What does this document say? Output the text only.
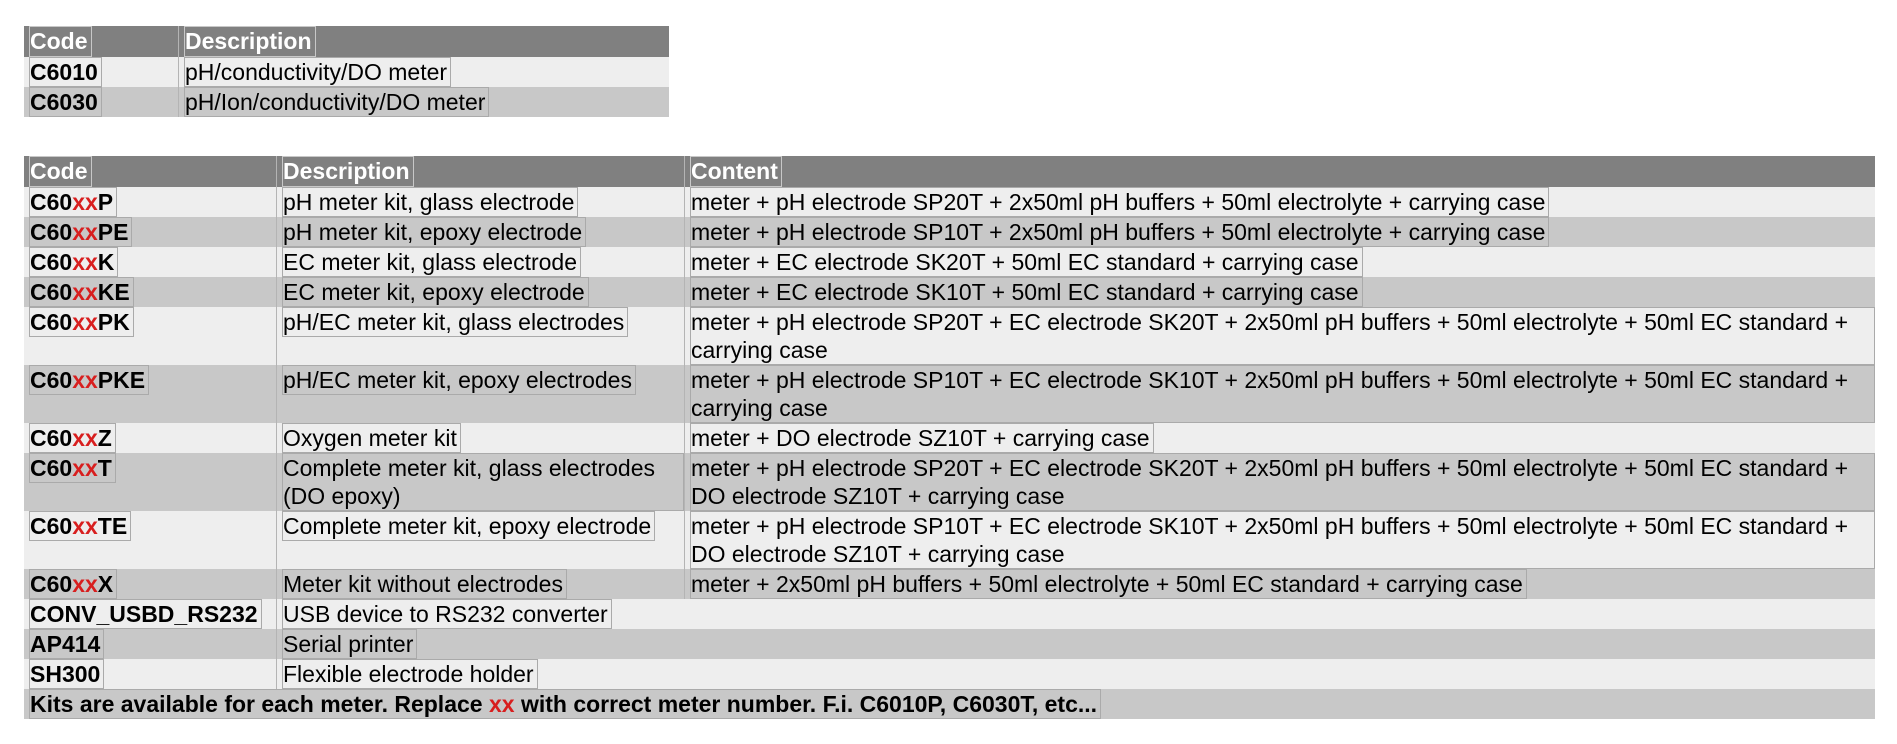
Code	Description
C6010	pH/conductivity/DO meter
C6030	pH/Ion/conductivity/DO meter
Code	Description	Content
C60xxP	pH meter kit, glass electrode	meter + pH electrode SP20T + 2x50ml pH buffers + 50ml electrolyte + carrying case
C60xxPE	pH meter kit, epoxy electrode	meter + pH electrode SP10T + 2x50ml pH buffers + 50ml electrolyte + carrying case
C60xxK	EC meter kit, glass electrode	meter + EC electrode SK20T + 50ml EC standard + carrying case
C60xxKE	EC meter kit, epoxy electrode	meter + EC electrode SK10T + 50ml EC standard + carrying case
C60xxPK	pH/EC meter kit, glass electrodes	meter + pH electrode SP20T + EC electrode SK20T + 2x50ml pH buffers + 50ml electrolyte + 50ml EC standard + carrying case
C60xxPKE	pH/EC meter kit, epoxy electrodes	meter + pH electrode SP10T + EC electrode SK10T + 2x50ml pH buffers + 50ml electrolyte + 50ml EC standard + carrying case
C60xxZ	Oxygen meter kit	meter + DO electrode SZ10T + carrying case
C60xxT	Complete meter kit, glass electrodes (DO epoxy)	meter + pH electrode SP20T + EC electrode SK20T + 2x50ml pH buffers + 50ml electrolyte + 50ml EC standard + DO electrode SZ10T + carrying case
C60xxTE	Complete meter kit, epoxy electrode	meter + pH electrode SP10T + EC electrode SK10T + 2x50ml pH buffers + 50ml electrolyte + 50ml EC standard + DO electrode SZ10T + carrying case
C60xxX	Meter kit without electrodes	meter + 2x50ml pH buffers + 50ml electrolyte + 50ml EC standard + carrying case
CONV_USBD_RS232	USB device to RS232 converter	
AP414	Serial printer	
SH300	Flexible electrode holder	
Kits are available for each meter. Replace xx with correct meter number. F.i. C6010P, C6030T, etc...		
